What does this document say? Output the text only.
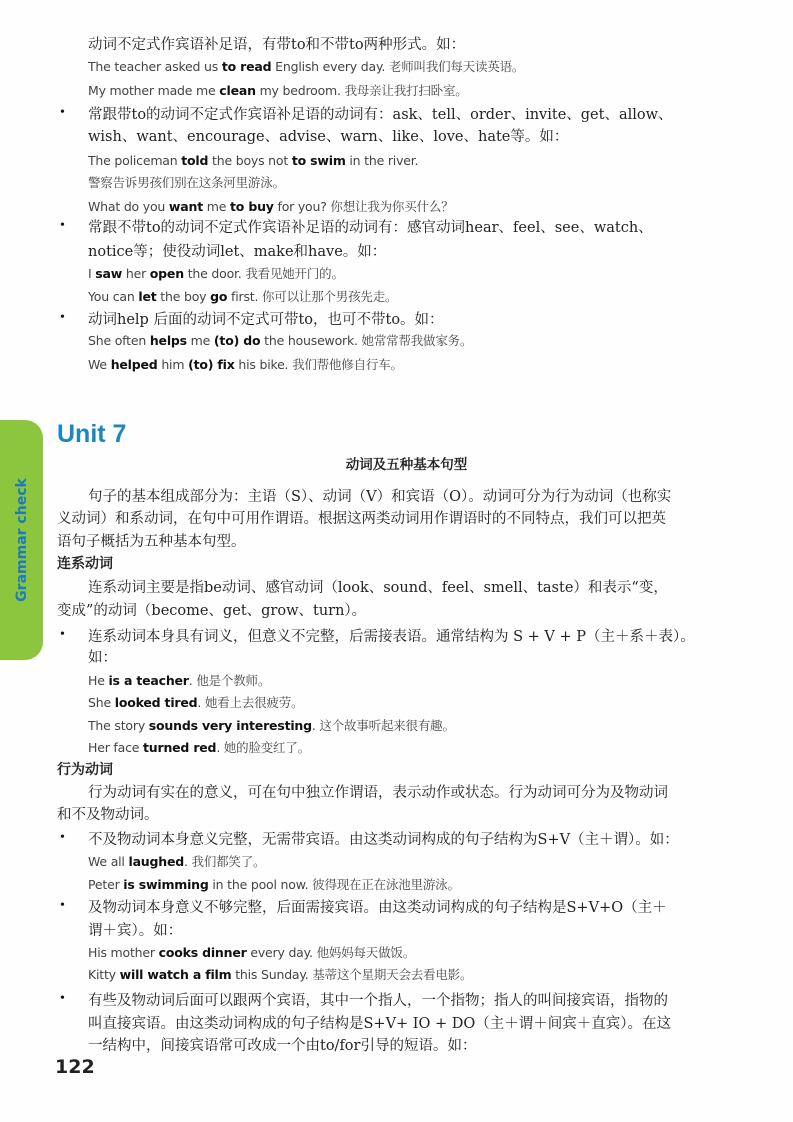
Grammar check
Unit 7
122
动词不定式作宾语补足语，有带to和不带to两种形式。如：
The teacher asked us to read English every day. 老师叫我们每天读英语。
My mother made me clean my bedroom. 我母亲让我打扫卧室。
常跟带to的动词不定式作宾语补足语的动词有：ask、tell、order、invite、get、allow、
•
wish、want、encourage、advise、warn、like、love、hate等。如：
The policeman told the boys not to swim in the river.
警察告诉男孩们别在这条河里游泳。
What do you want me to buy for you? 你想让我为你买什么？
常跟不带to的动词不定式作宾语补足语的动词有：感官动词hear、feel、see、watch、
•
notice等；使役动词let、make和have。如：
I saw her open the door. 我看见她开门的。
You can let the boy go first. 你可以让那个男孩先走。
动词help 后面的动词不定式可带to，也可不带to。如：
•
She often helps me (to) do the housework. 她常常帮我做家务。
We helped him (to) fix his bike. 我们帮他修自行车。
动词及五种基本句型
句子的基本组成部分为：主语（S）、动词（V）和宾语（O）。动词可分为行为动词（也称实
义动词）和系动词，在句中可用作谓语。根据这两类动词用作谓语时的不同特点，我们可以把英
语句子概括为五种基本句型。
连系动词
连系动词主要是指be动词、感官动词（look、sound、feel、smell、taste）和表示“变，
变成”的动词（become、get、grow、turn）。
连系动词本身具有词义，但意义不完整，后需接表语。通常结构为 S + V + P（主＋系＋表）。
•
如：
He is a teacher. 他是个教师。
She looked tired. 她看上去很疲劳。
The story sounds very interesting. 这个故事听起来很有趣。
Her face turned red. 她的脸变红了。
行为动词
行为动词有实在的意义，可在句中独立作谓语，表示动作或状态。行为动词可分为及物动词
和不及物动词。
不及物动词本身意义完整，无需带宾语。由这类动词构成的句子结构为S+V（主＋谓）。如：
•
We all laughed. 我们都笑了。
Peter is swimming in the pool now. 彼得现在正在泳池里游泳。
及物动词本身意义不够完整，后面需接宾语。由这类动词构成的句子结构是S+V+O（主＋
•
谓＋宾）。如：
His mother cooks dinner every day. 他妈妈每天做饭。
Kitty will watch a film this Sunday. 基蒂这个星期天会去看电影。
有些及物动词后面可以跟两个宾语，其中一个指人，一个指物；指人的叫间接宾语，指物的
•
叫直接宾语。由这类动词构成的句子结构是S+V+ IO + DO（主＋谓＋间宾＋直宾）。在这
一结构中，间接宾语常可改成一个由to/for引导的短语。如：
